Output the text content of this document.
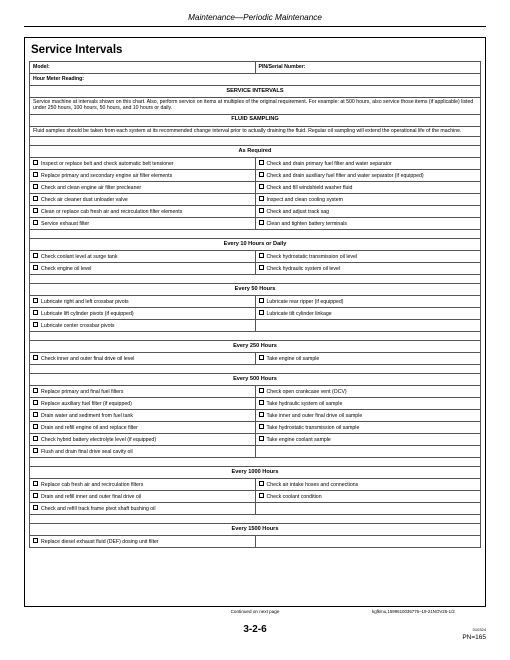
Maintenance—Periodic Maintenance
Service Intervals
Model:	PIN/Serial Number:
Hour Meter Reading:	
SERVICE INTERVALS	
Service machine at intervals shown on this chart. Also, perform service on items at multiples of the original requirement. For example: at 500 hours, also service those items (if applicable) listed under 250 hours, 100 hours, 50 hours, and 10 hours or daily.	
FLUID SAMPLING	
Fluid samples should be taken from each system at its recommended change interval prior to actually draining the fluid. Regular oil sampling will extend the operational life of the machine.	

As Required	
Inspect or replace belt and check automatic belt tensioner	Check and drain primary fuel filter and water separator
Replace primary and secondary engine air filter elements	Check and drain auxiliary fuel filter and water separator (if equipped)
Check and clean engine air filter precleaner	Check and fill windshield washer fluid
Check air cleaner dust unloader valve	Inspect and clean cooling system
Clean or replace cab fresh air and recirculation filter elements	Check and adjust track sag
Service exhaust filter	Clean and tighten battery terminals

Every 10 Hours or Daily	
Check coolant level at surge tank	Check hydrostatic transmission oil level
Check engine oil level	Check hydraulic system oil level

Every 50 Hours	
Lubricate right and left crossbar pivots	Lubricate rear ripper (if equipped)
Lubricate lift cylinder pivots (if equipped)	Lubricate tilt cylinder linkage
Lubricate center crossbar pivots	

Every 250 Hours	
Check inner and outer final drive oil level	Take engine oil sample

Every 500 Hours	
Replace primary and final fuel filters	Check open crankcase vent (OCV)
Replace auxiliary fuel filter (if equipped)	Take hydraulic system oil sample
Drain water and sediment from fuel tank	Take inner and outer final drive oil sample
Drain and refill engine oil and replace filter	Take hydrostatic transmission oil sample
Check hybrid battery electrolyte level (if equipped)	Take engine coolant sample
Flush and drain final drive seal cavity oil	

Every 1000 Hours	
Replace cab fresh air and recirculation filters	Check air intake hoses and connections
Drain and refill inner and outer final drive oil	Check coolant condition
Check and refill track frame pivot shaft bushing oil	

Every 1500 Hours	
Replace diesel exhaust fluid (DEF) dosing unit filter	
Continued on next page	kgfkmu,1599610035776–19-21NOV25-1/2
3-2-6	010324
PN=165
